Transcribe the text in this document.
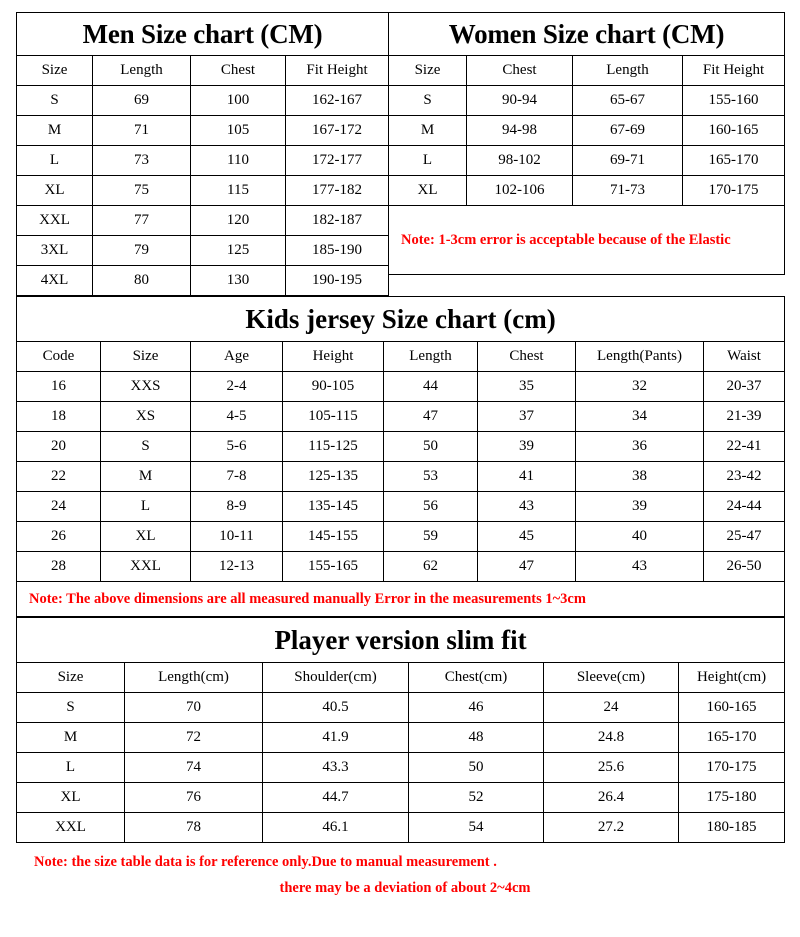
Men Size chart (CM)			
Size	Length	Chest	Fit Height
S	69	100	162-167
M	71	105	167-172
L	73	110	172-177
XL	75	115	177-182
XXL	77	120	182-187
3XL	79	125	185-190
4XL	80	130	190-195
Women Size chart (CM)			
Size	Chest	Length	Fit Height
S	90-94	65-67	155-160
M	94-98	67-69	160-165
L	98-102	69-71	165-170
XL	102-106	71-73	170-175
Note: 1-3cm error is acceptable because of the Elastic			
Kids jersey Size chart (cm)							
Code	Size	Age	Height	Length	Chest	Length(Pants)	Waist
16	XXS	2-4	90-105	44	35	32	20-37
18	XS	4-5	105-115	47	37	34	21-39
20	S	5-6	115-125	50	39	36	22-41
22	M	7-8	125-135	53	41	38	23-42
24	L	8-9	135-145	56	43	39	24-44
26	XL	10-11	145-155	59	45	40	25-47
28	XXL	12-13	155-165	62	47	43	26-50
Note: The above dimensions are all measured manually Error in the measurements 1~3cm							
Player version slim fit					
Size	Length(cm)	Shoulder(cm)	Chest(cm)	Sleeve(cm)	Height(cm)
S	70	40.5	46	24	160-165
M	72	41.9	48	24.8	165-170
L	74	43.3	50	25.6	170-175
XL	76	44.7	52	26.4	175-180
XXL	78	46.1	54	27.2	180-185
Note: the size table data is for reference only.Due to manual measurement .
there may be a deviation of about 2~4cm
